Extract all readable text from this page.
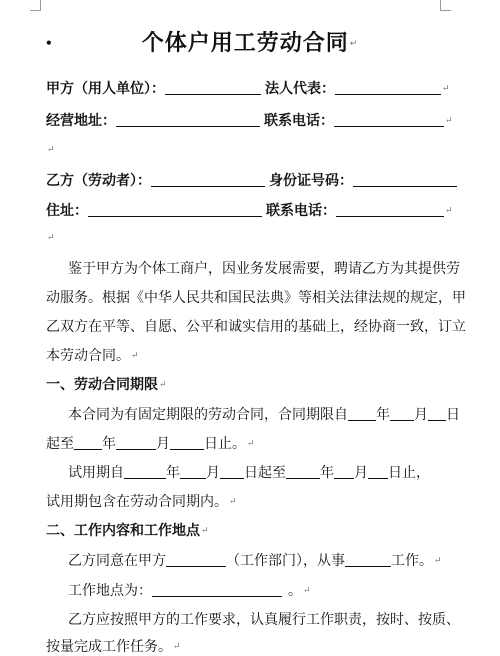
•	个体户用工劳动合同↵
甲方（用人单位）：	法人代表：	↵
经营地址：	联系电话：	↵
↵
乙方（劳动者）：	身份证号码：
住址：	联系电话：	↵
↵
鉴于甲方为个体工商户，因业务发展需要，聘请乙方为其提供劳
动服务。根据《中华人民共和国民法典》等相关法律法规的规定，甲
乙双方在平等、自愿、公平和诚实信用的基础上，经协商一致，订立
本劳动合同。↵
一、劳动合同期限↵
本合同为有固定期限的劳动合同，合同期限自 年 月 日
起至 年	月 日止。↵
试用期自	年 月 日起至 年 月 日止，
试用期包含在劳动合同期内。↵
二、工作内容和工作地点↵
乙方同意在甲方	（工作部门），从事	工作。↵
工作地点为：	。↵
乙方应按照甲方的工作要求，认真履行工作职责，按时、按质、
按量完成工作任务。↵
